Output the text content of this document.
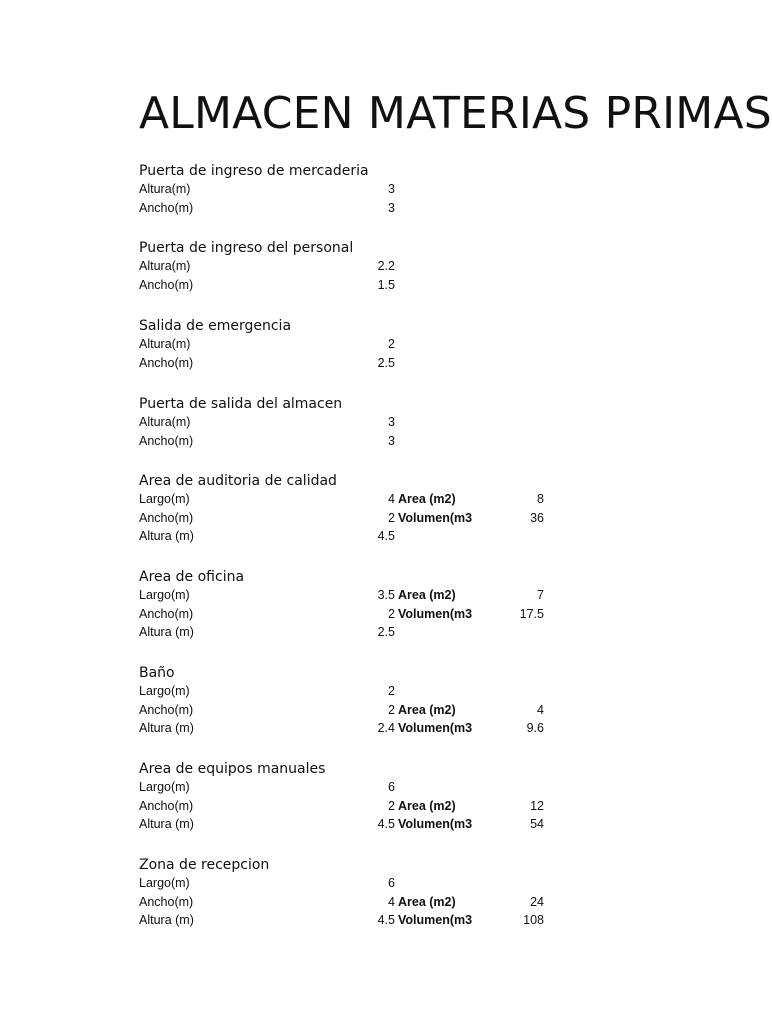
ALMACEN MATERIAS PRIMAS
Puerta de ingreso de mercaderia
Altura(m)	3
Ancho(m)	3
Puerta de ingreso del personal
Altura(m)	2.2
Ancho(m)	1.5
Salida de emergencia
Altura(m)	2
Ancho(m)	2.5
Puerta de salida del almacen
Altura(m)	3
Ancho(m)	3
Area de auditoria de calidad
Largo(m)	4 Area (m2)	8
Ancho(m)	2 Volumen(m3	36
Altura (m)	4.5
Area de oficina
Largo(m)	3.5 Area (m2)	7
Ancho(m)	2 Volumen(m3	17.5
Altura (m)	2.5
Baño
Largo(m)	2
Ancho(m)	2 Area (m2)	4
Altura (m)	2.4 Volumen(m3	9.6
Area de equipos manuales
Largo(m)	6
Ancho(m)	2 Area (m2)	12
Altura (m)	4.5 Volumen(m3	54
Zona de recepcion
Largo(m)	6
Ancho(m)	4 Area (m2)	24
Altura (m)	4.5 Volumen(m3	108
